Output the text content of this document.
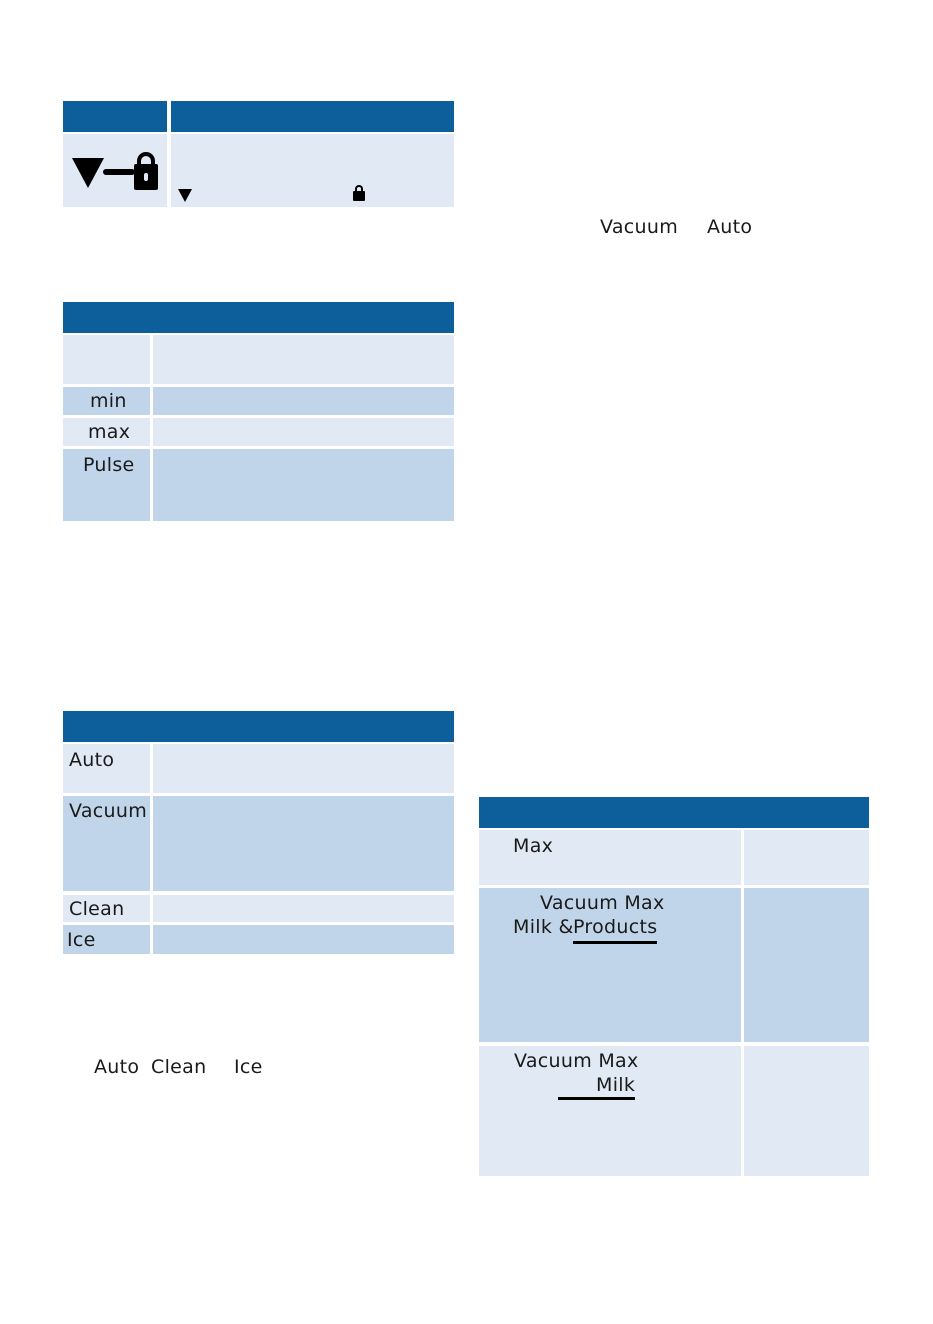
min
max
Pulse
Vacuum Auto
Auto
Vacuum
Clean
Ice
Auto Clean Ice
Max
Vacuum Max
Milk &
Products
Vacuum Max
Milk
